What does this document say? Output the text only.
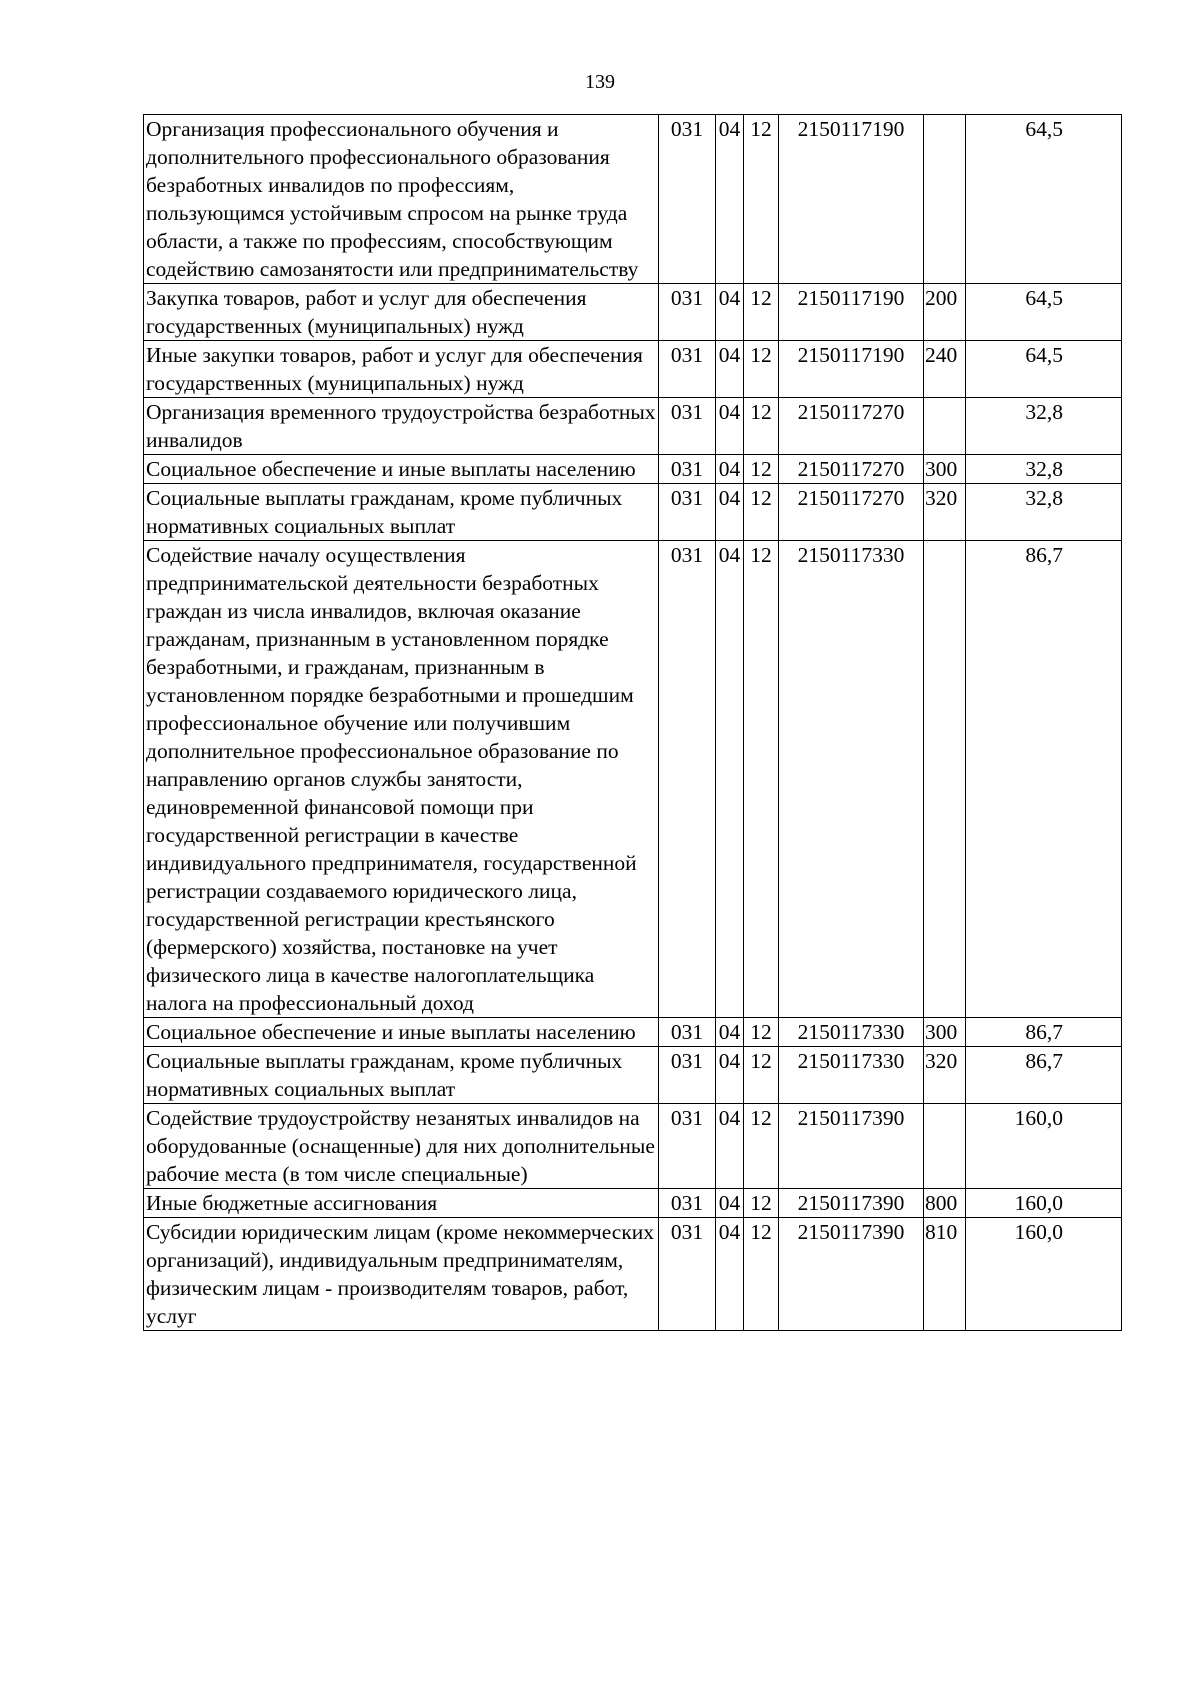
139
Организация профессионального обучения и дополнительного профессионального образования безработных инвалидов по профессиям, пользующимся устойчивым спросом на рынке труда области, а также по профессиям, способствующим содействию самозанятости или предпринимательству	031	04	12	2150117190		64,5
Закупка товаров, работ и услуг для обеспечения государственных (муниципальных) нужд	031	04	12	2150117190	200	64,5
Иные закупки товаров, работ и услуг для обеспечения государственных (муниципальных) нужд	031	04	12	2150117190	240	64,5
Организация временного трудоустройства безработных инвалидов	031	04	12	2150117270		32,8
Социальное обеспечение и иные выплаты населению	031	04	12	2150117270	300	32,8
Социальные выплаты гражданам, кроме публичных нормативных социальных выплат	031	04	12	2150117270	320	32,8
Содействие началу осуществления предпринимательской деятельности безработных граждан из числа инвалидов, включая оказание гражданам, признанным в установленном порядке безработными, и гражданам, признанным в установленном порядке безработными и прошедшим профессиональное обучение или получившим дополнительное профессиональное образование по направлению органов службы занятости, единовременной финансовой помощи при государственной регистрации в качестве индивидуального предпринимателя, государственной регистрации создаваемого юридического лица, государственной регистрации крестьянского (фермерского) хозяйства, постановке на учет физического лица в качестве налогоплательщика налога на профессиональный доход	031	04	12	2150117330		86,7
Социальное обеспечение и иные выплаты населению	031	04	12	2150117330	300	86,7
Социальные выплаты гражданам, кроме публичных нормативных социальных выплат	031	04	12	2150117330	320	86,7
Содействие трудоустройству незанятых инвалидов на оборудованные (оснащенные) для них дополнительные рабочие места (в том числе специальные)	031	04	12	2150117390		160,0
Иные бюджетные ассигнования	031	04	12	2150117390	800	160,0
Субсидии юридическим лицам (кроме некоммерческих организаций), индивидуальным предпринимателям, физическим лицам - производителям товаров, работ, услуг	031	04	12	2150117390	810	160,0
